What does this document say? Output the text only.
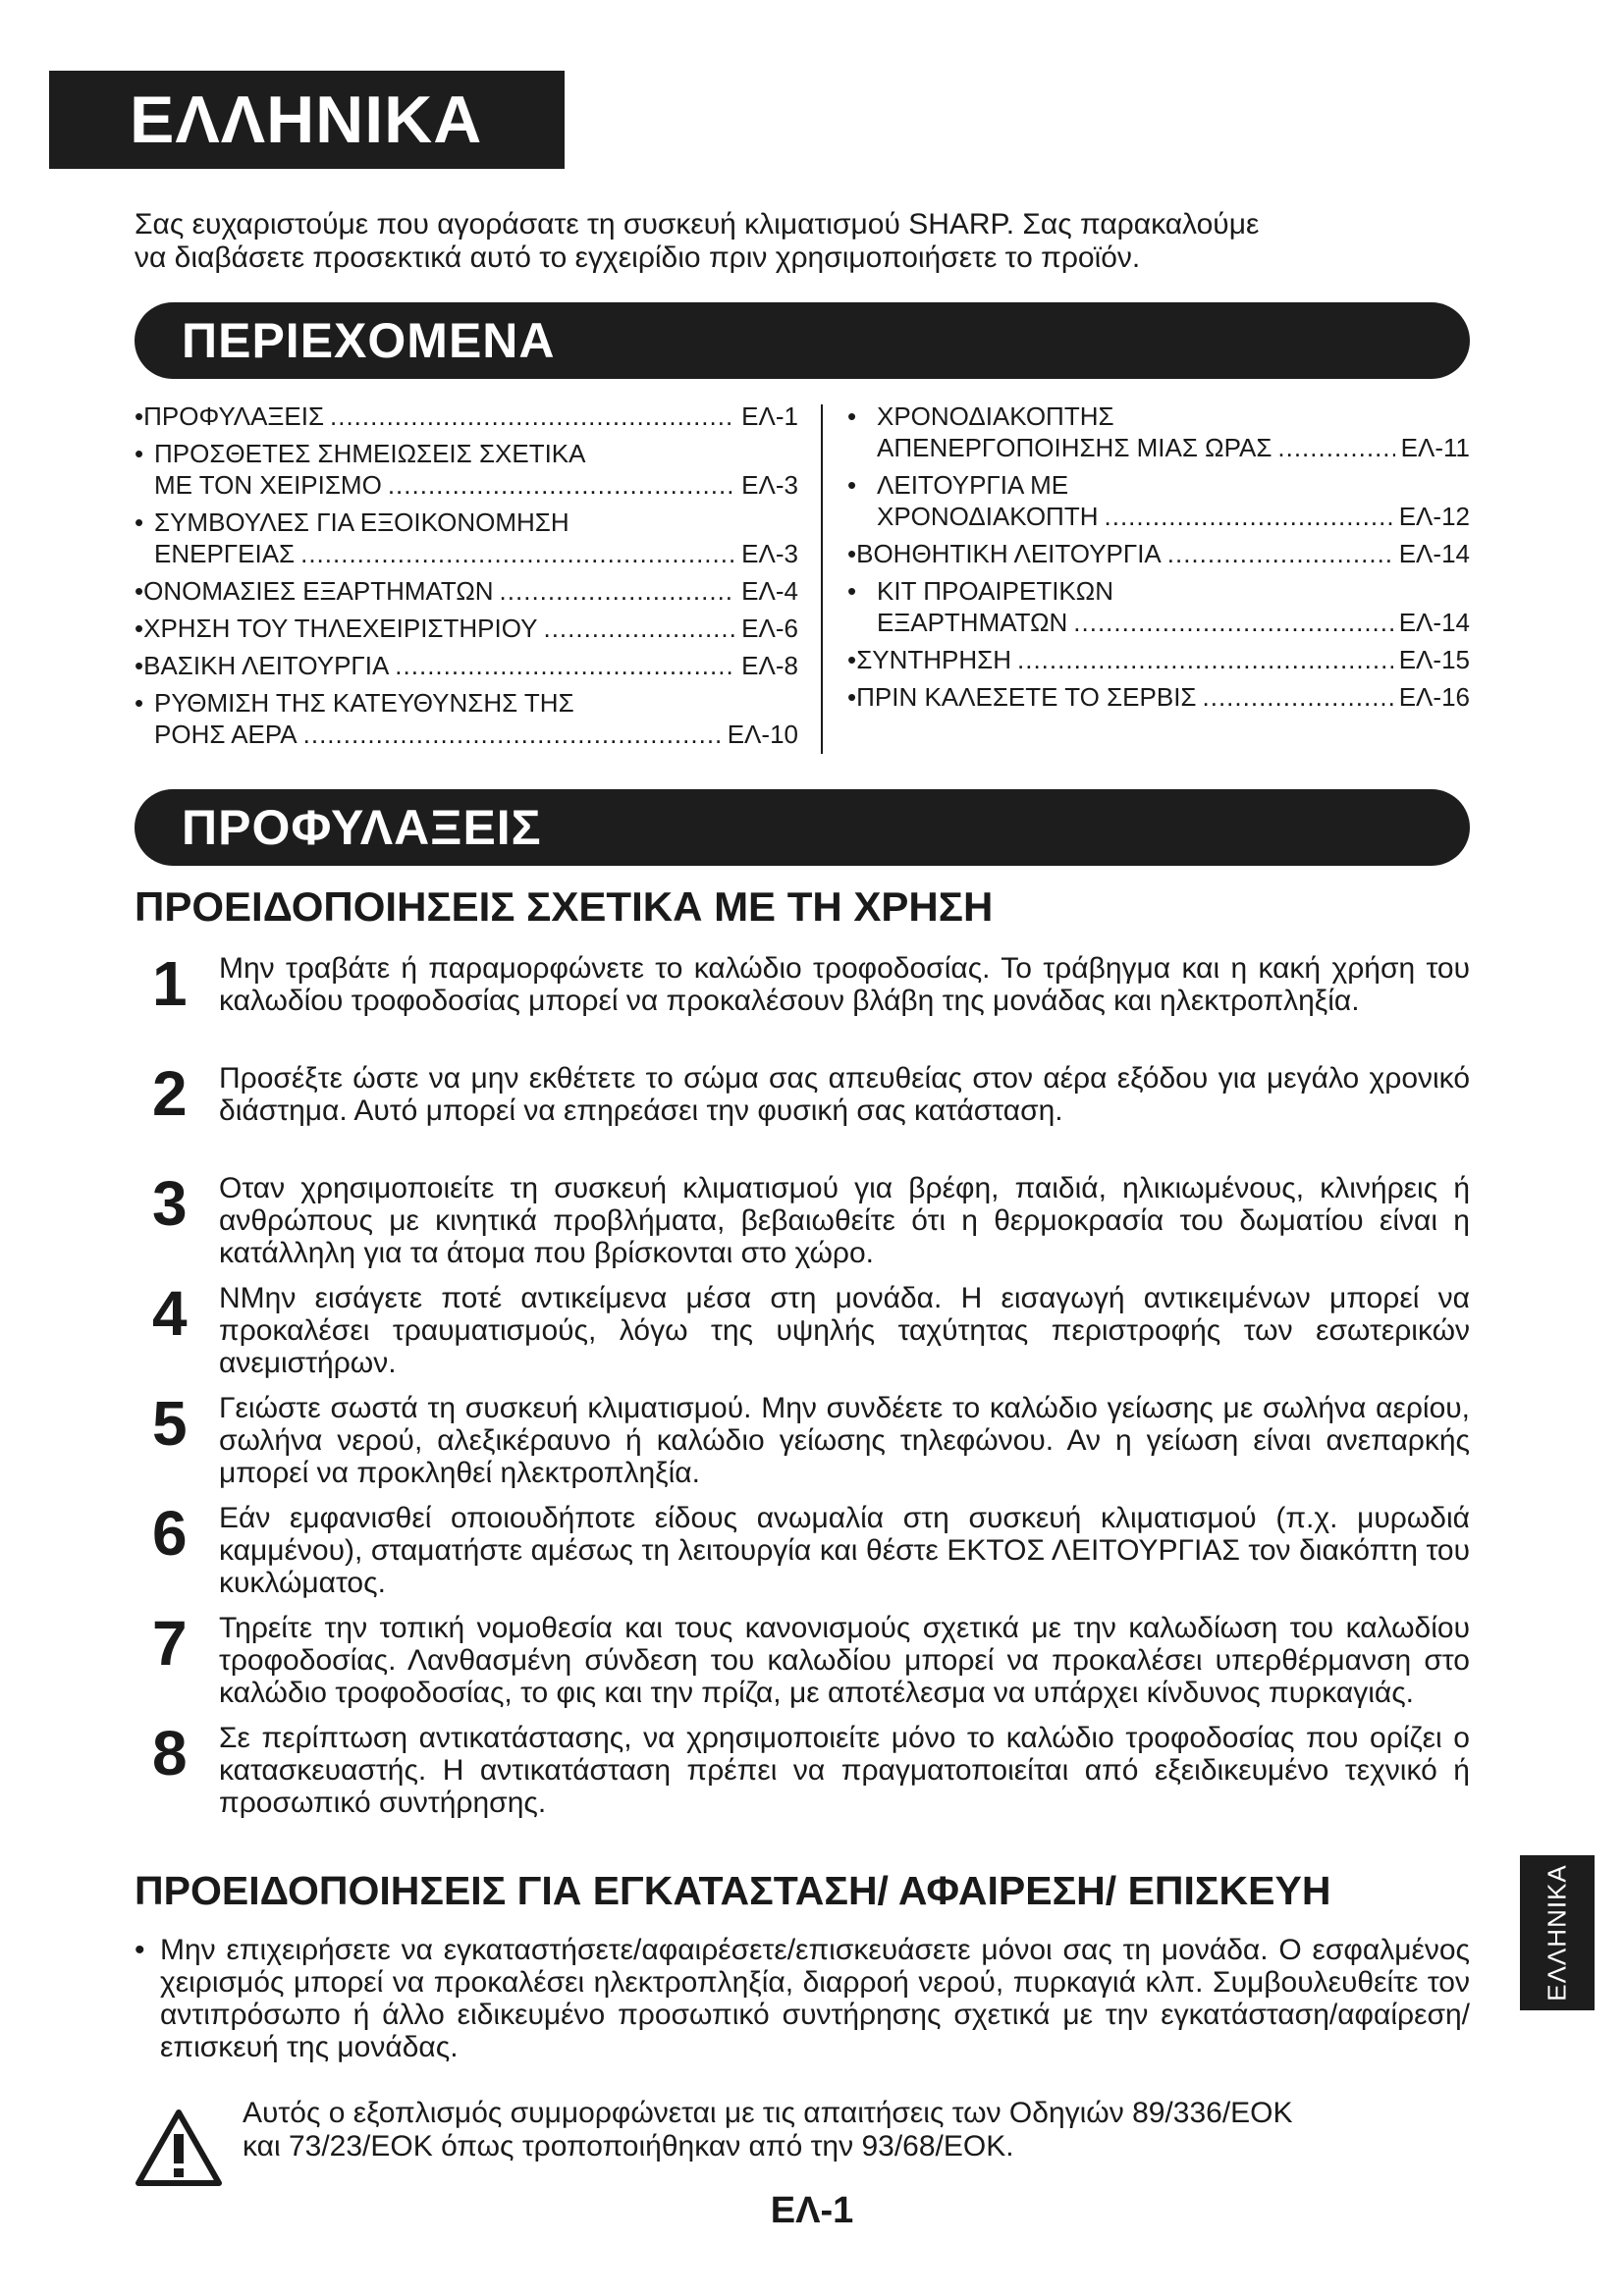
ΕΛΛΗΝΙΚΑ

Σας ευχαριστούμε που αγοράσατε τη συσκευή κλιματισμού SHARP. Σας παρακαλούμε

να διαβάσετε προσεκτικά αυτό το εγχειρίδιο πριν χρησιμοποιήσετε το προϊόν.

ΠΕΡΙΕΧΟΜΕΝΑ
• ΠΡΟΦΥΛΑΞΕΙΣ .....	ΕΛ-1
• ΠΡΟΣΘΕΤΕΣ ΣΗΜΕΙΩΣΕΙΣ ΣΧΕΤΙΚΑ
ΜΕ ΤΟΝ ΧΕΙΡΙΣΜΟ .....	ΕΛ-3
• ΣΥΜΒΟΥΛΕΣ ΓΙΑ ΕΞΟΙΚΟΝΟΜΗΣΗ
ΕΝΕΡΓΕΙΑΣ .....	ΕΛ-3
• ΟΝΟΜΑΣΙΕΣ ΕΞΑΡΤΗΜΑΤΩΝ .....	ΕΛ-4
• ΧΡΗΣΗ ΤΟΥ ΤΗΛΕΧΕΙΡΙΣΤΗΡΙΟΥ .....	ΕΛ-6
• ΒΑΣΙΚΗ ΛΕΙΤΟΥΡΓΙΑ .....	ΕΛ-8
• ΡΥΘΜΙΣΗ ΤΗΣ ΚΑΤΕΥΘΥΝΣΗΣ ΤΗΣ
ΡΟΗΣ ΑΕΡΑ .....	ΕΛ-10
• ΧΡΟΝΟΔΙΑΚΟΠΤΗΣ
ΑΠΕΝΕΡΓΟΠΟΙΗΣΗΣ ΜΙΑΣ ΩΡΑΣ .....	ΕΛ-11
• ΛΕΙΤΟΥΡΓΙΑ ΜΕ
ΧΡΟΝΟΔΙΑΚΟΠΤΗ .....	ΕΛ-12
• ΒΟΗΘΗΤΙΚΗ ΛΕΙΤΟΥΡΓΙΑ .....	ΕΛ-14
• ΚΙΤ ΠΡΟΑΙΡΕΤΙΚΩΝ
ΕΞΑΡΤΗΜΑΤΩΝ .....	ΕΛ-14
• ΣΥΝΤΗΡΗΣΗ .....	ΕΛ-15
• ΠΡΙΝ ΚΑΛΕΣΕΤΕ ΤΟ ΣΕΡΒΙΣ .....	ΕΛ-16
ΠΡΟΦΥΛΑΞΕΙΣ
ΠΡΟΕΙΔΟΠΟΙΗΣΕΙΣ ΣΧΕΤΙΚΑ ΜΕ ΤΗ ΧΡΗΣΗ
1 Μην τραβάτε ή παραμορφώνετε το καλώδιο τροφοδοσίας. Το τράβηγμα και η κακή χρήση του καλωδίου τροφοδοσίας μπορεί να προκαλέσουν βλάβη της μονάδας και ηλεκτροπληξία.

2 Προσέξτε ώστε να μην εκθέτετε το σώμα σας απευθείας στον αέρα εξόδου για μεγάλο χρονικό διάστημα. Αυτό μπορεί να επηρεάσει την φυσική σας κατάσταση.

3 Οταν χρησιμοποιείτε τη συσκευή κλιματισμού για βρέφη, παιδιά, ηλικιωμένους, κλινήρεις ή ανθρώπους με κινητικά προβλήματα, βεβαιωθείτε ότι η θερμοκρασία του δωματίου είναι η κατάλληλη για τα άτομα που βρίσκονται στο χώρο.

4 ΝΜην εισάγετε ποτέ αντικείμενα μέσα στη μονάδα. Η εισαγωγή αντικειμένων μπορεί να προκαλέσει τραυματισμούς, λόγω της υψηλής ταχύτητας περιστροφής των εσωτερικών ανεμιστήρων.

5 Γειώστε σωστά τη συσκευή κλιματισμού. Μην συνδέετε το καλώδιο γείωσης με σωλήνα αερίου, σωλήνα νερού, αλεξικέραυνο ή καλώδιο γείωσης τηλεφώνου. Αν η γείωση είναι ανεπαρκής μπορεί να προκληθεί ηλεκτροπληξία.

6 Εάν εμφανισθεί οποιουδήποτε είδους ανωμαλία στη συσκευή κλιματισμού (π.χ. μυρωδιά καμμένου), σταματήστε αμέσως τη λειτουργία και θέστε ΕΚΤΟΣ ΛΕΙΤΟΥΡΓΙΑΣ τον διακόπτη του κυκλώματος.

7 Τηρείτε την τοπική νομοθεσία και τους κανονισμούς σχετικά με την καλωδίωση του καλωδίου τροφοδοσίας. Λανθασμένη σύνδεση του καλωδίου μπορεί να προκαλέσει υπερθέρμανση στο καλώδιο τροφοδοσίας, το φις και την πρίζα, με αποτέλεσμα να υπάρχει κίνδυνος πυρκαγιάς.

8 Σε περίπτωση αντικατάστασης, να χρησιμοποιείτε μόνο το καλώδιο τροφοδοσίας που ορίζει ο κατασκευαστής. Η αντικατάσταση πρέπει να πραγματοποιείται από εξειδικευμένο τεχνικό ή προσωπικό συντήρησης.

ΠΡΟΕΙΔΟΠΟΙΗΣΕΙΣ ΓΙΑ ΕΓΚΑΤΑΣΤΑΣΗ/ ΑΦΑΙΡΕΣΗ/ ΕΠΙΣΚΕΥΗ
• Μην επιχειρήσετε να εγκαταστήσετε/αφαιρέσετε/επισκευάσετε μόνοι σας τη μονάδα. Ο εσφαλμένος χειρισμός μπορεί να προκαλέσει ηλεκτροπληξία, διαρροή νερού, πυρκαγιά κλπ. Συμβουλευθείτε τον αντιπρόσωπο ή άλλο ειδικευμένο προσωπικό συντήρησης σχετικά με την εγκατάσταση/αφαίρεση/επισκευή της μονάδας.

Αυτός ο εξοπλισμός συμμορφώνεται με τις απαιτήσεις των Οδηγιών 89/336/ΕΟΚ

και 73/23/ΕΟΚ όπως τροποποιήθηκαν από την 93/68/ΕΟΚ.

ΕΛ-1
ΕΛΛΗΝΙΚΑ
